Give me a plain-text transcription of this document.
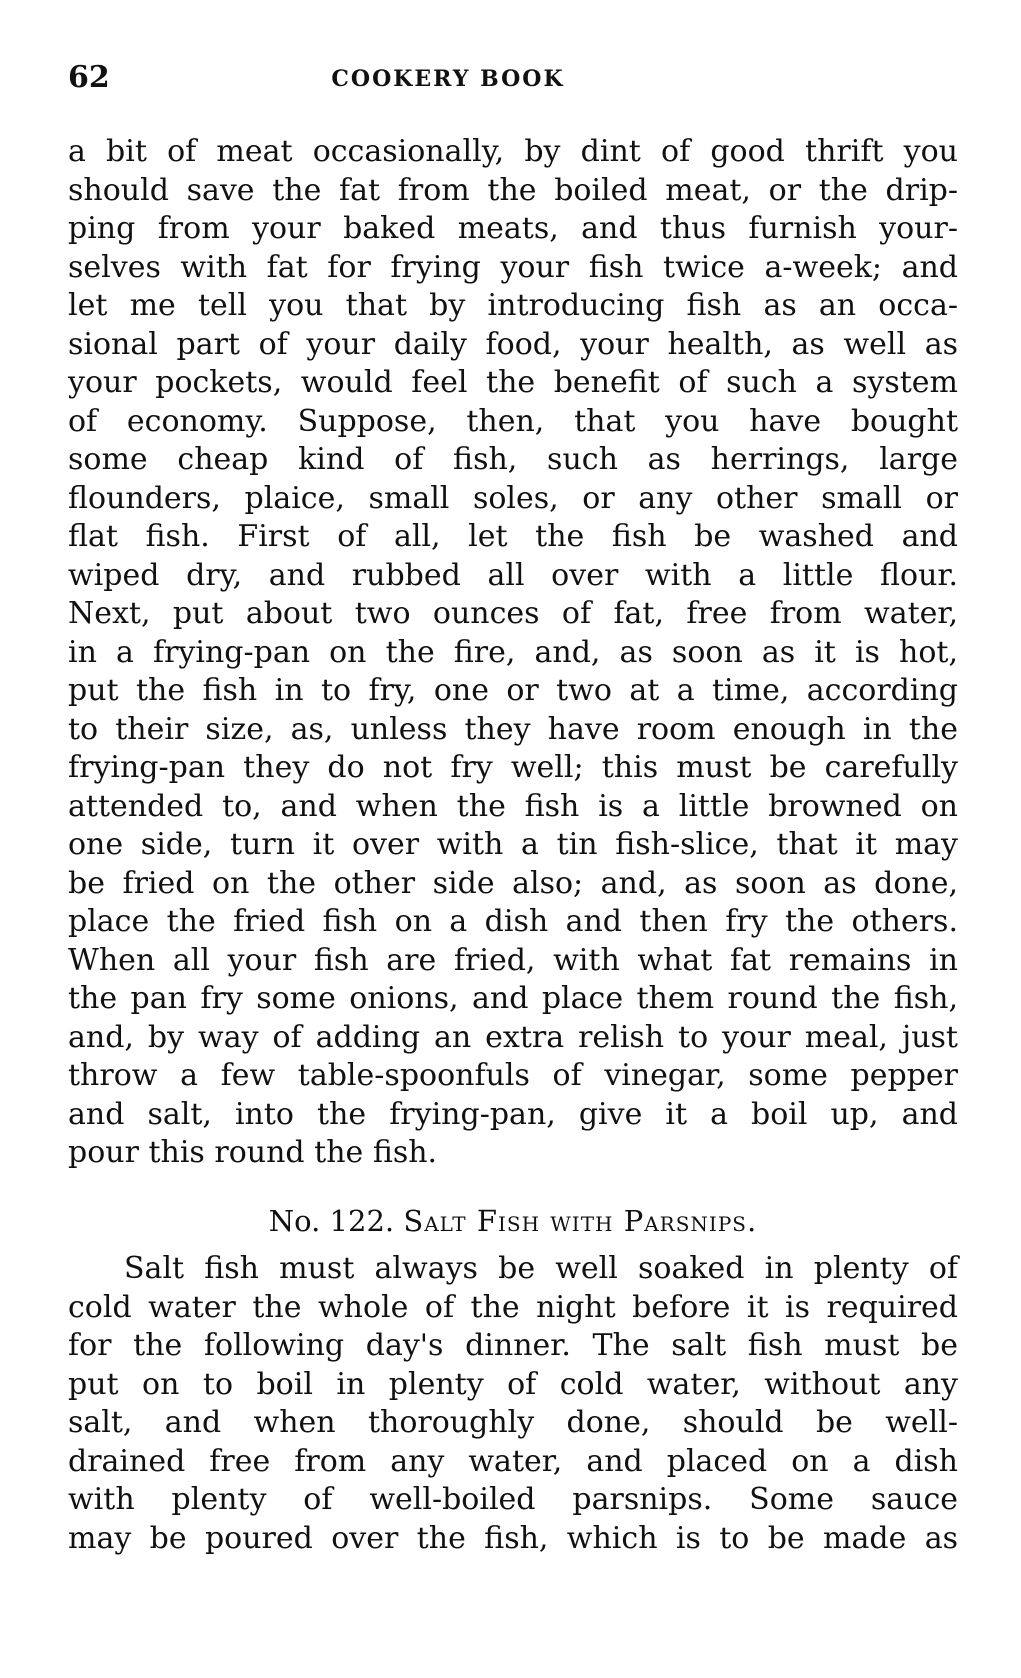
62	COOKERY BOOK
a bit of meat occasionally, by dint of good thrift you
should save the fat from the boiled meat, or the drip-
ping from your baked meats, and thus furnish your-
selves with fat for frying your fish twice a-week; and
let me tell you that by introducing fish as an occa-
sional part of your daily food, your health, as well as
your pockets, would feel the benefit of such a system
of economy. Suppose, then, that you have bought
some cheap kind of fish, such as herrings, large
flounders, plaice, small soles, or any other small or
flat fish. First of all, let the fish be washed and
wiped dry, and rubbed all over with a little flour.
Next, put about two ounces of fat, free from water,
in a frying-pan on the fire, and, as soon as it is hot,
put the fish in to fry, one or two at a time, according
to their size, as, unless they have room enough in the
frying-pan they do not fry well; this must be carefully
attended to, and when the fish is a little browned on
one side, turn it over with a tin fish-slice, that it may
be fried on the other side also; and, as soon as done,
place the fried fish on a dish and then fry the others.
When all your fish are fried, with what fat remains in
the pan fry some onions, and place them round the fish,
and, by way of adding an extra relish to your meal, just
throw a few table-spoonfuls of vinegar, some pepper
and salt, into the frying-pan, give it a boil up, and
pour this round the fish.
No. 122. Salt Fish with Parsnips.
Salt fish must always be well soaked in plenty of
cold water the whole of the night before it is required
for the following day's dinner. The salt fish must be
put on to boil in plenty of cold water, without any
salt, and when thoroughly done, should be well-
drained free from any water, and placed on a dish
with plenty of well-boiled parsnips. Some sauce
may be poured over the fish, which is to be made as
